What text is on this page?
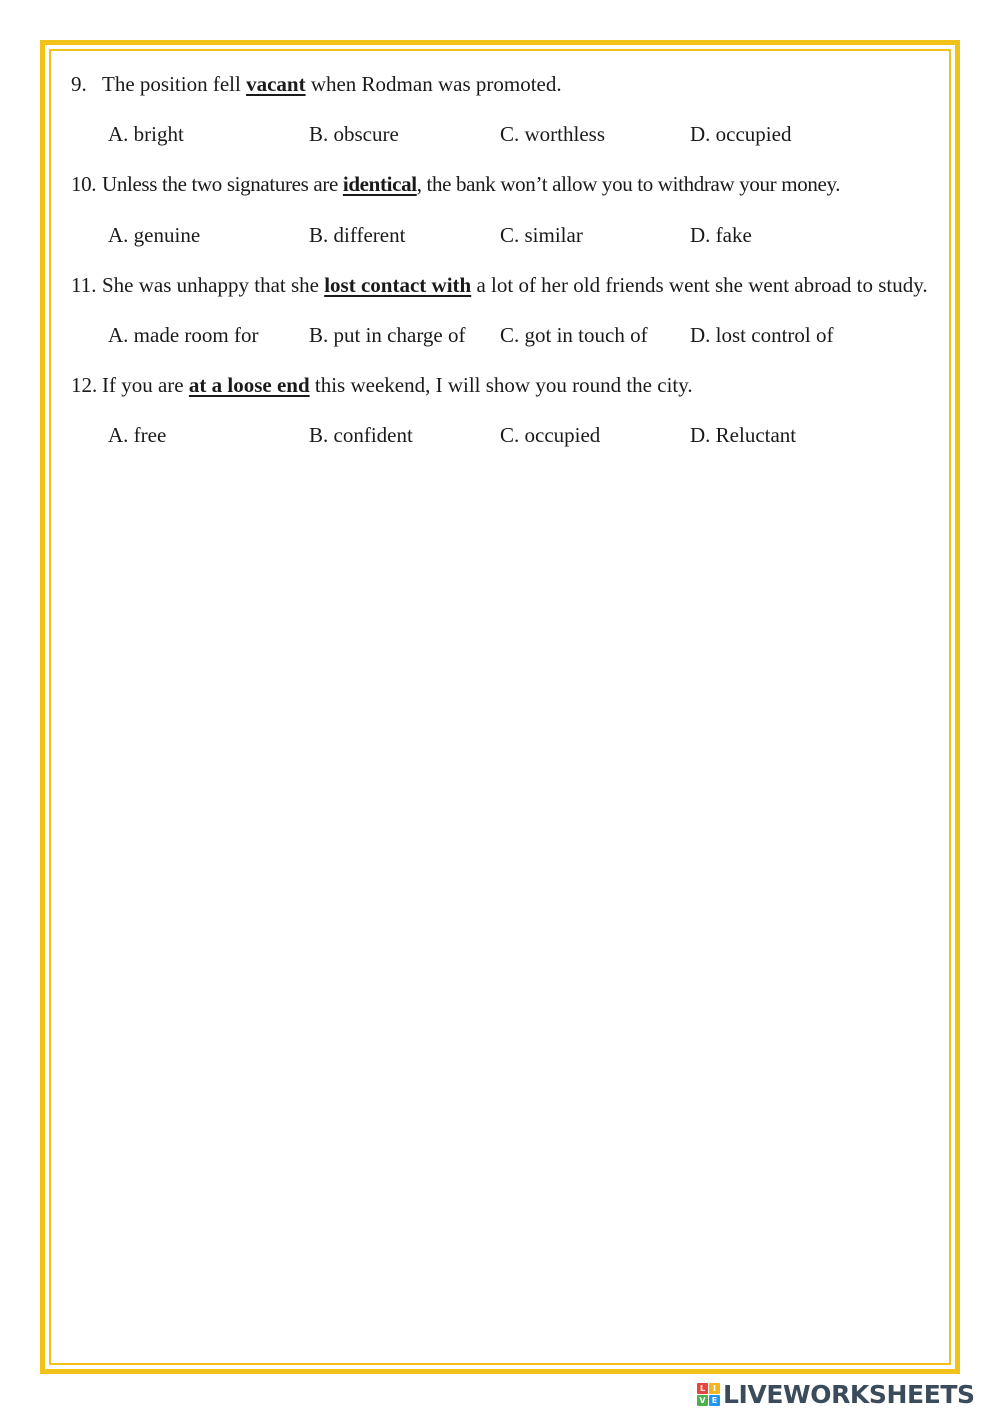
9. The position fell vacant when Rodman was promoted.
A. bright	B. obscure	C. worthless	D. occupied
10. Unless the two signatures are identical, the bank won’t allow you to withdraw your money.
A. genuine	B. different	C. similar	D. fake
11. She was unhappy that she lost contact with a lot of her old friends went she went abroad to study.
A. made room for B. put in charge of C. got in touch of D. lost control of
12. If you are at a loose end this weekend, I will show you round the city.
A. free	B. confident	C. occupied	D. Reluctant
L I
V E LIVEWORKSHEETS
